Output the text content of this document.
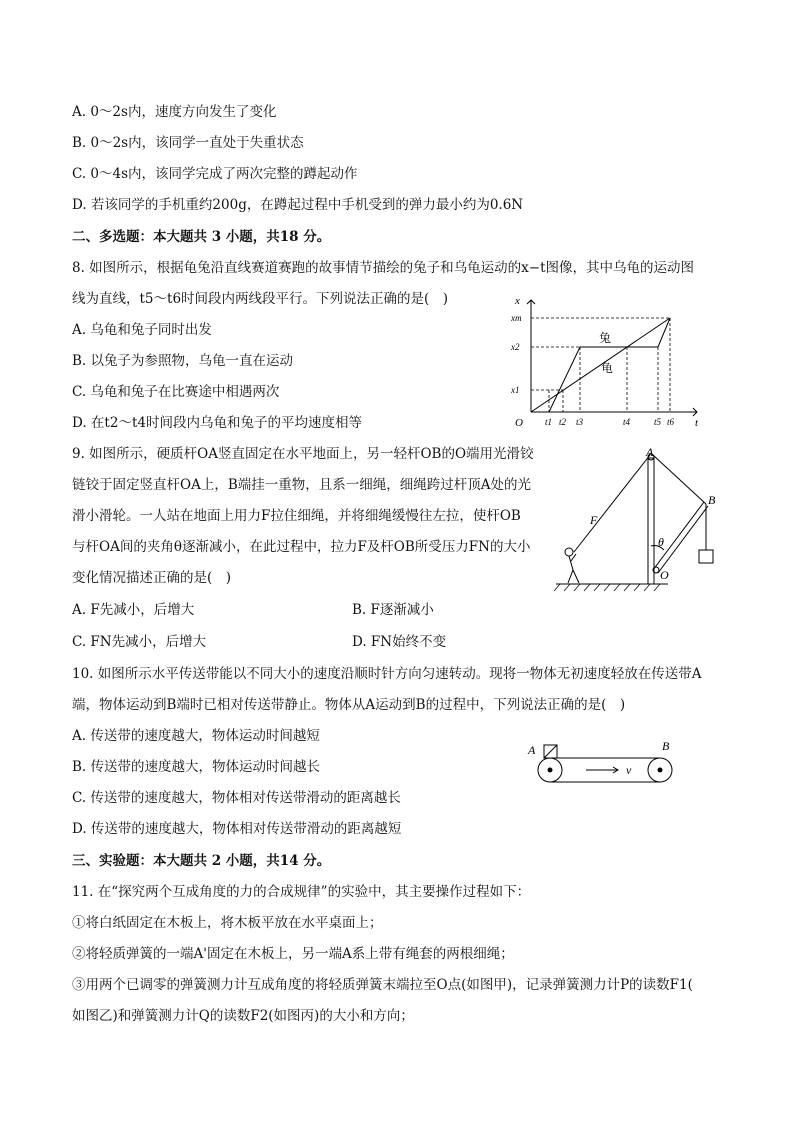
A. 0～2s内，速度方向发生了变化
B. 0～2s内，该同学一直处于失重状态
C. 0～4s内，该同学完成了两次完整的蹲起动作
D. 若该同学的手机重约200g，在蹲起过程中手机受到的弹力最小约为0.6N
二、多选题：本大题共 3 小题，共18 分。
8. 如图所示，根据龟兔沿直线赛道赛跑的故事情节描绘的兔子和乌龟运动的x−t图像，其中乌龟的运动图
线为直线，t5～t6时间段内两线段平行。下列说法正确的是(　)
A. 乌龟和兔子同时出发
B. 以兔子为参照物，乌龟一直在运动
C. 乌龟和兔子在比赛途中相遇两次
D. 在t2～t4时间段内乌龟和兔子的平均速度相等
x
t
O
xm
x2
x1
t1 t2 t3	t4	t5 t6
兔
龟
9. 如图所示，硬质杆OA竖直固定在水平地面上，另一轻杆OB的O端用光滑铰
链铰于固定竖直杆OA上，B端挂一重物，且系一细绳，细绳跨过杆顶A处的光
滑小滑轮。一人站在地面上用力F拉住细绳，并将细绳缓慢往左拉，使杆OB
与杆OA间的夹角θ逐渐减小，在此过程中，拉力F及杆OB所受压力FN的大小
变化情况描述正确的是(　)
A. F先减小，后增大	B. F逐渐减小
C. FN先减小，后增大	D. FN始终不变
A
B
O
F
θ
10. 如图所示水平传送带能以不同大小的速度沿顺时针方向匀速转动。现将一物体无初速度轻放在传送带A
端，物体运动到B端时已相对传送带静止。物体从A运动到B的过程中，下列说法正确的是(　)
A. 传送带的速度越大，物体运动时间越短
B. 传送带的速度越大，物体运动时间越长
C. 传送带的速度越大，物体相对传送带滑动的距离越长
D. 传送带的速度越大，物体相对传送带滑动的距离越短
A	B
v
三、实验题：本大题共 2 小题，共14 分。
11. 在“探究两个互成角度的力的合成规律”的实验中，其主要操作过程如下：
①将白纸固定在木板上，将木板平放在水平桌面上；
②将轻质弹簧的一端A'固定在木板上，另一端A系上带有绳套的两根细绳；
③用两个已调零的弹簧测力计互成角度的将轻质弹簧末端拉至O点(如图甲)，记录弹簧测力计P的读数F1(
如图乙)和弹簧测力计Q的读数F2(如图丙)的大小和方向；
